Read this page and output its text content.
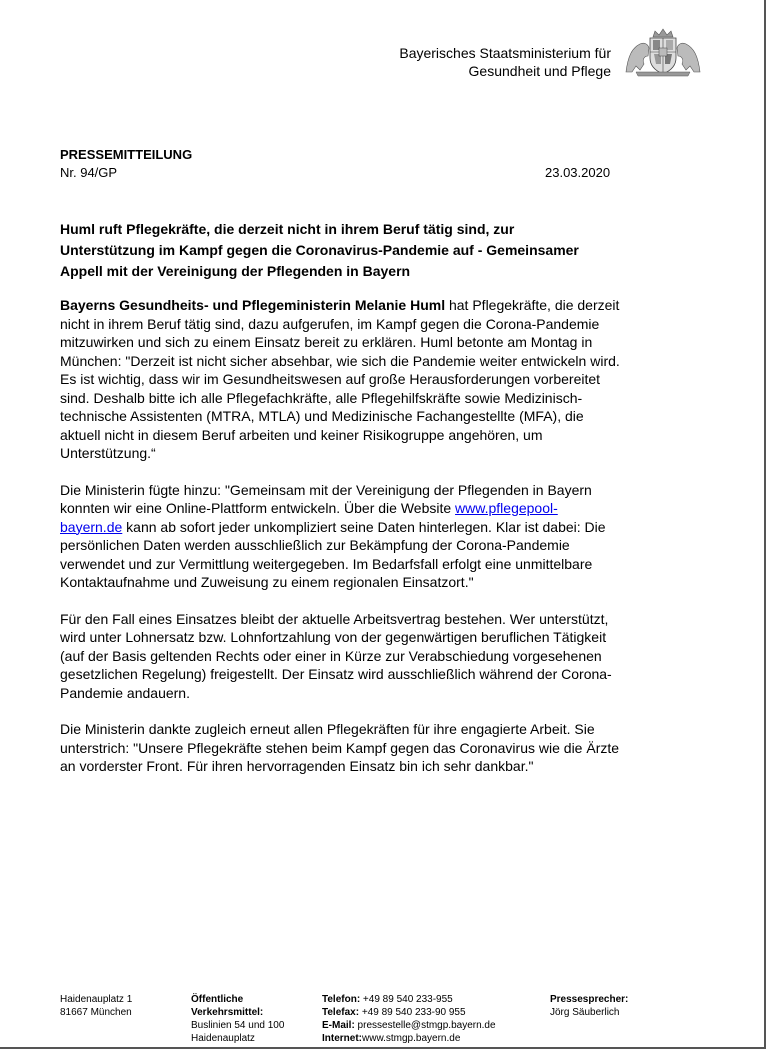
Bayerisches Staatsministerium für
Gesundheit und Pflege
PRESSEMITTEILUNG
Nr. 94/GP	23.03.2020
Huml ruft Pflegekräfte, die derzeit nicht in ihrem Beruf tätig sind, zur Unterstützung im Kampf gegen die Coronavirus-Pandemie auf - Gemeinsamer Appell mit der Vereinigung der Pflegenden in Bayern

Bayerns Gesundheits- und Pflegeministerin Melanie Huml hat Pflegekräfte, die derzeit nicht in ihrem Beruf tätig sind, dazu aufgerufen, im Kampf gegen die Corona-Pandemie mitzuwirken und sich zu einem Einsatz bereit zu erklären. Huml betonte am Montag in München: "Derzeit ist nicht sicher absehbar, wie sich die Pandemie weiter entwickeln wird. Es ist wichtig, dass wir im Gesundheitswesen auf große Herausforderungen vorbereitet sind. Deshalb bitte ich alle Pflegefachkräfte, alle Pflegehilfskräfte sowie Medizinisch-technische Assistenten (MTRA, MTLA) und Medizinische Fachangestellte (MFA), die aktuell nicht in diesem Beruf arbeiten und keiner Risikogruppe angehören, um Unterstützung.“

Die Ministerin fügte hinzu: "Gemeinsam mit der Vereinigung der Pflegenden in Bayern konnten wir eine Online-Plattform entwickeln. Über die Website www.pflegepool-bayern.de kann ab sofort jeder unkompliziert seine Daten hinterlegen. Klar ist dabei: Die persönlichen Daten werden ausschließlich zur Bekämpfung der Corona-Pandemie verwendet und zur Vermittlung weitergegeben. Im Bedarfsfall erfolgt eine unmittelbare Kontaktaufnahme und Zuweisung zu einem regionalen Einsatzort."

Für den Fall eines Einsatzes bleibt der aktuelle Arbeitsvertrag bestehen. Wer unterstützt, wird unter Lohnersatz bzw. Lohnfortzahlung von der gegenwärtigen beruflichen Tätigkeit (auf der Basis geltenden Rechts oder einer in Kürze zur Verabschiedung vorgesehenen gesetzlichen Regelung) freigestellt. Der Einsatz wird ausschließlich während der Corona-Pandemie andauern.

Die Ministerin dankte zugleich erneut allen Pflegekräften für ihre engagierte Arbeit. Sie unterstrich: "Unsere Pflegekräfte stehen beim Kampf gegen das Coronavirus wie die Ärzte an vorderster Front. Für ihren hervorragenden Einsatz bin ich sehr dankbar."

Haidenauplatz 1
81667 München
Öffentliche
Verkehrsmittel:
Buslinien 54 und 100
Haidenauplatz
Telefon: +49 89 540 233-955
Telefax: +49 89 540 233-90 955
E-Mail: pressestelle@stmgp.bayern.de
Internet:www.stmgp.bayern.de
Pressesprecher:
Jörg Säuberlich
